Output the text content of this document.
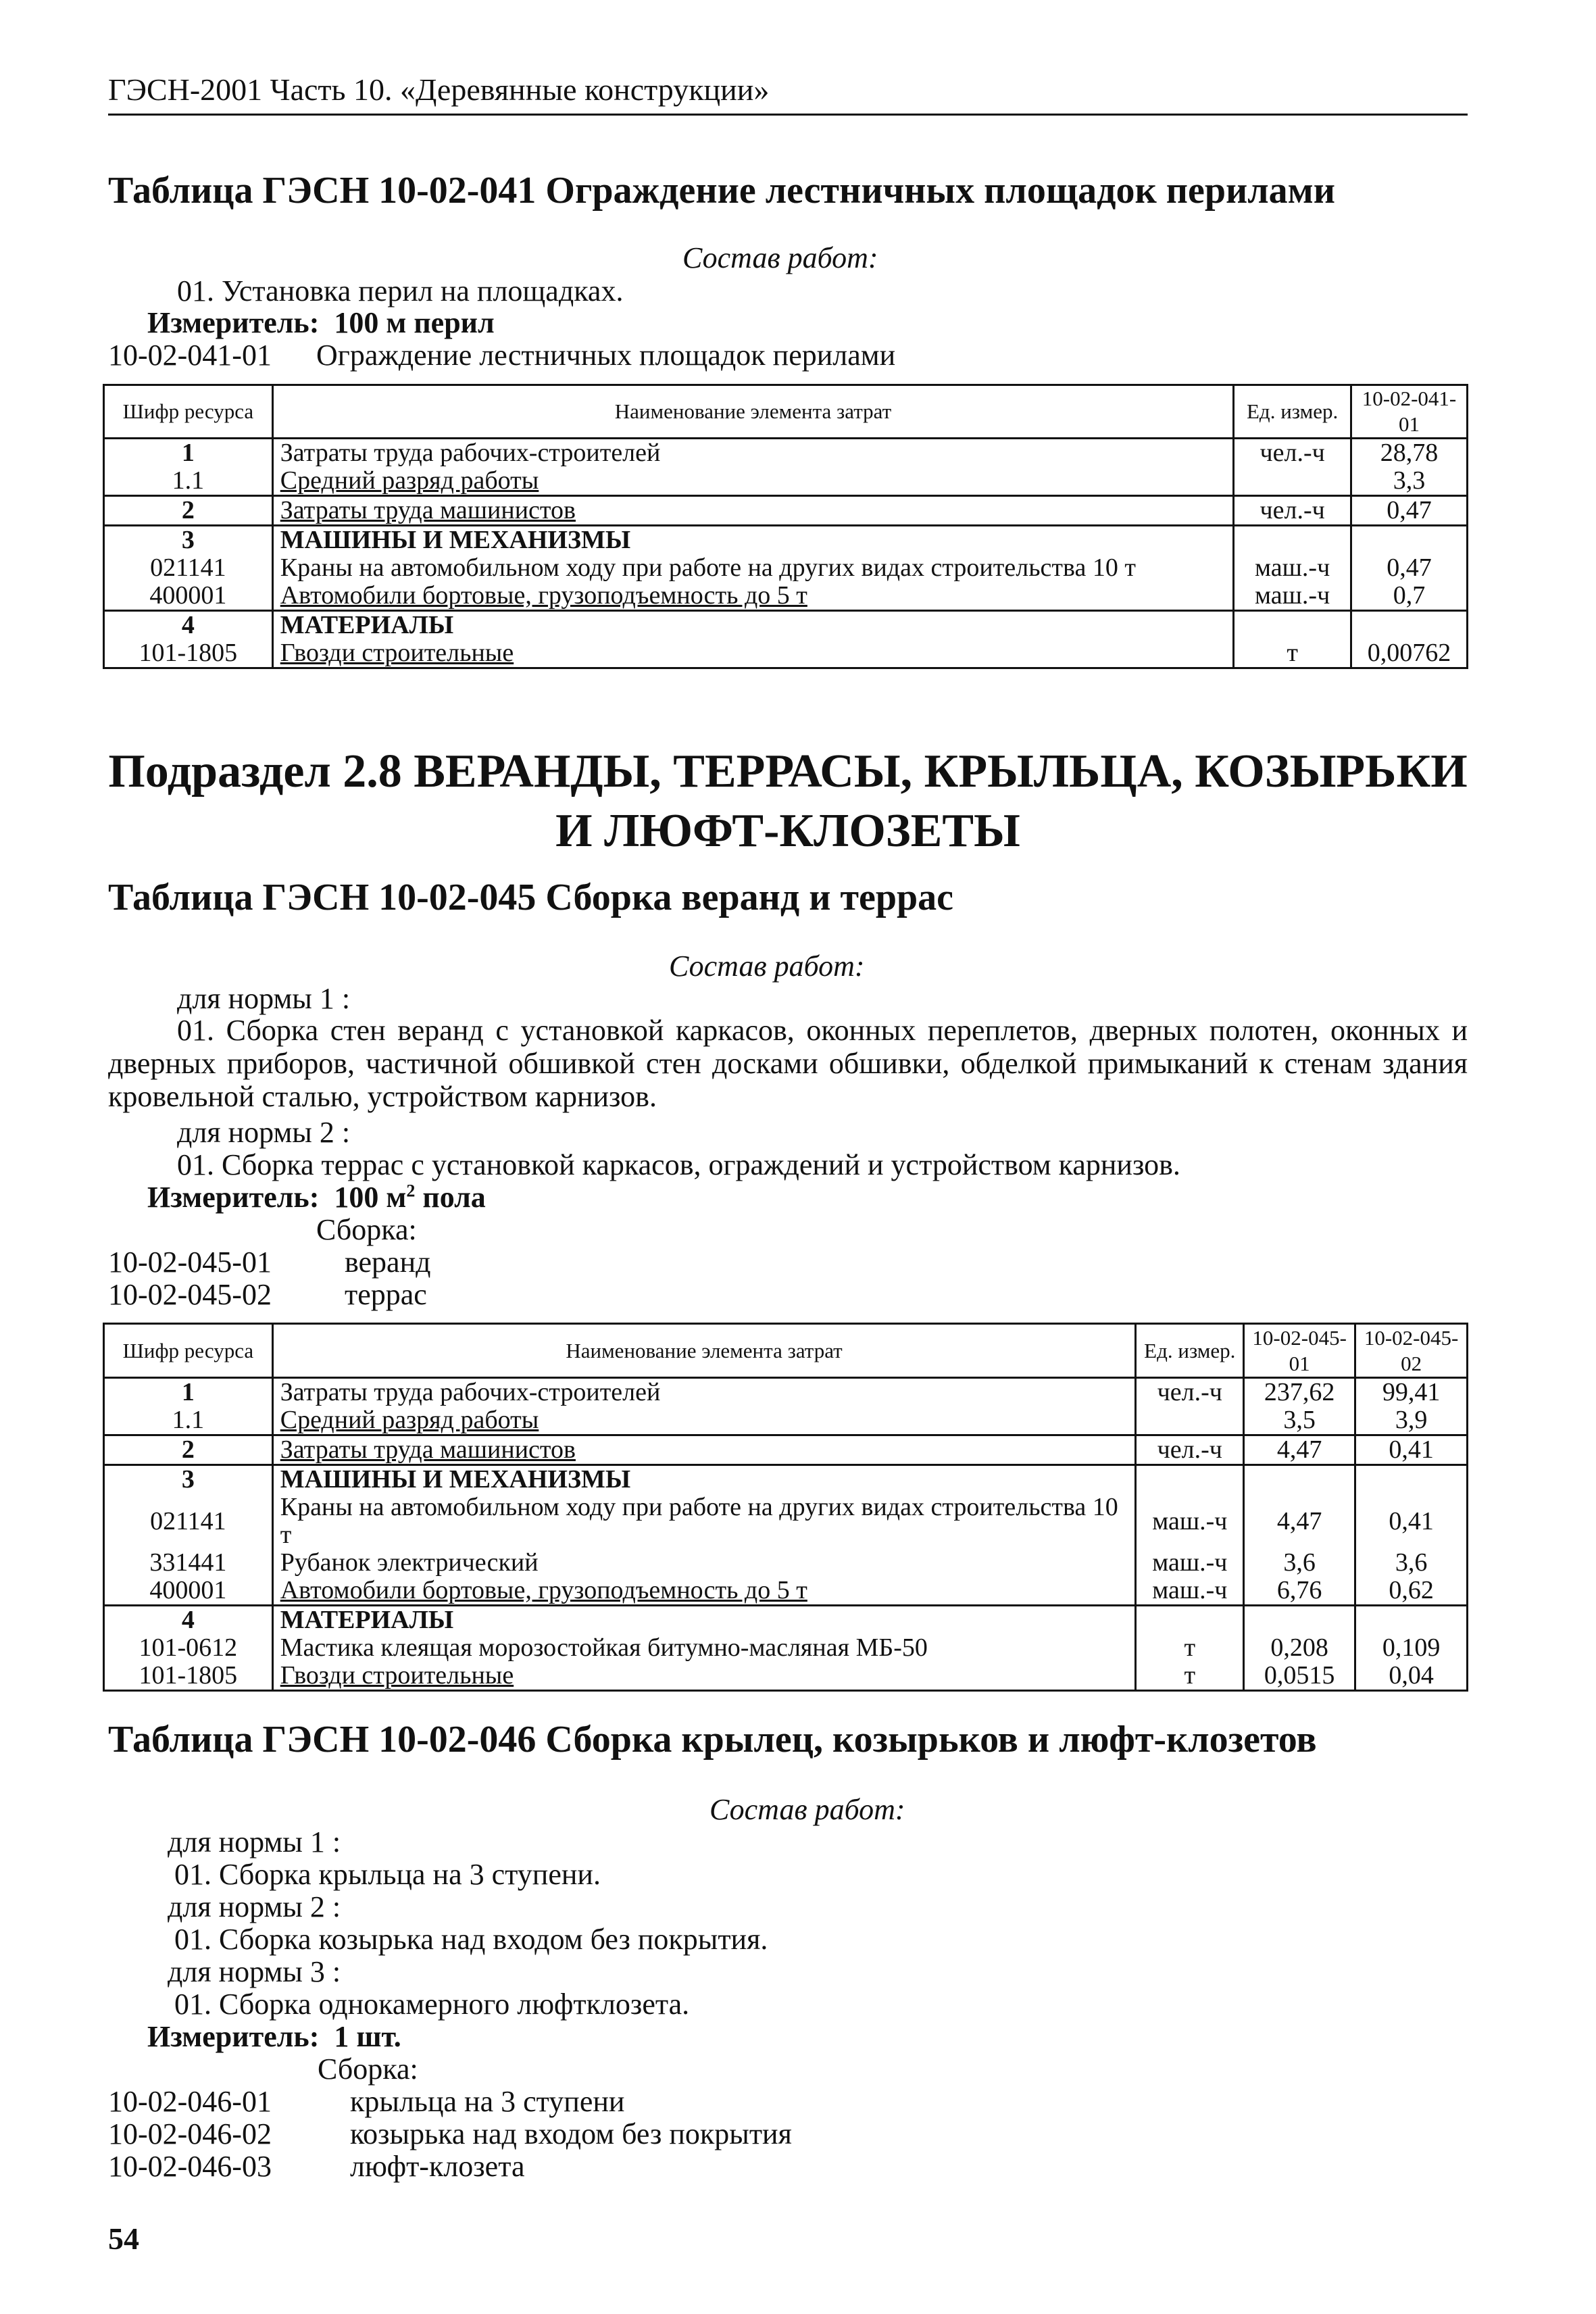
ГЭСН-2001 Часть 10. «Деревянные конструкции»
Таблица ГЭСН 10-02-041 Ограждение лестничных площадок перилами
Состав работ:
01. Установка перил на площадках.
Измеритель: 100 м перил
10-02-041-01 Ограждение лестничных площадок перилами
Шифр ресурса	Наименование элемента затрат	Ед. измер.	10-02-041-01
1	Затраты труда рабочих-строителей	чел.-ч	28,78
1.1	Средний разряд работы		3,3
2	Затраты труда машинистов	чел.-ч	0,47
3	МАШИНЫ И МЕХАНИЗМЫ		
021141	Краны на автомобильном ходу при работе на других видах строительства 10 т	маш.-ч	0,47
400001	Автомобили бортовые, грузоподъемность до 5 т	маш.-ч	0,7
4	МАТЕРИАЛЫ		
101-1805	Гвозди строительные	т	0,00762
Подраздел 2.8 ВЕРАНДЫ, ТЕРРАСЫ, КРЫЛЬЦА, КОЗЫРЬКИ И ЛЮФТ-КЛОЗЕТЫ
Таблица ГЭСН 10-02-045 Сборка веранд и террас
Состав работ:
для нормы 1 :
01. Сборка стен веранд с установкой каркасов, оконных переплетов, дверных полотен, оконных и дверных приборов, частичной обшивкой стен досками обшивки, обделкой примыканий к стенам здания кровельной сталью, устройством карнизов.
для нормы 2 :
01. Сборка террас с установкой каркасов, ограждений и устройством карнизов.
Измеритель: 100 $м^2$ пола
Сборка:
10-02-045-01 веранд
10-02-045-02 террас
Шифр ресурса	Наименование элемента затрат	Ед. измер.	10-02-045-01	10-02-045-02
1	Затраты труда рабочих-строителей	чел.-ч	237,62	99,41
1.1	Средний разряд работы		3,5	3,9
2	Затраты труда машинистов	чел.-ч	4,47	0,41
3	МАШИНЫ И МЕХАНИЗМЫ			
021141	Краны на автомобильном ходу при работе на других видах строительства 10 т	маш.-ч	4,47	0,41
331441	Рубанок электрический	маш.-ч	3,6	3,6
400001	Автомобили бортовые, грузоподъемность до 5 т	маш.-ч	6,76	0,62
4	МАТЕРИАЛЫ			
101-0612	Мастика клеящая морозостойкая битумно-масляная МБ-50	т	0,208	0,109
101-1805	Гвозди строительные	т	0,0515	0,04
Таблица ГЭСН 10-02-046 Сборка крылец, козырьков и люфт-клозетов
Состав работ:
для нормы 1 :
01. Сборка крыльца на 3 ступени.
для нормы 2 :
01. Сборка козырька над входом без покрытия.
для нормы 3 :
01. Сборка однокамерного люфтклозета.
Измеритель: 1 шт.
Сборка:
10-02-046-01	крыльца на 3 ступени
10-02-046-02	козырька над входом без покрытия
10-02-046-03	люфт-клозета
54
